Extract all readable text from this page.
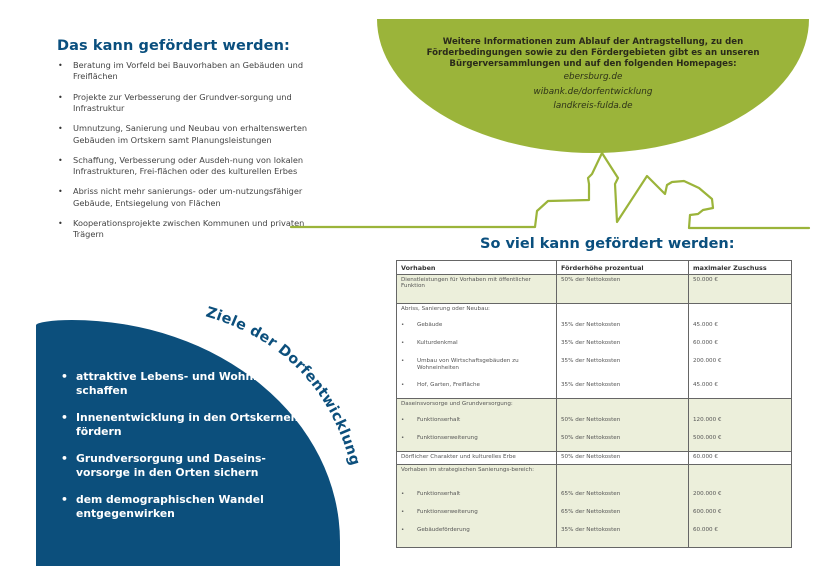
Das kann gefördert werden:
• Beratung im Vorfeld bei Bauvorhaben an Gebäuden und Freiflächen
• Projekte zur Verbesserung der Grundver-sorgung und Infrastruktur
• Umnutzung, Sanierung und Neubau von erhaltenswerten Gebäuden im Ortskern samt Planungsleistungen
• Schaffung, Verbesserung oder Ausdeh-nung von lokalen Infrastrukturen, Frei-flächen oder des kulturellen Erbes
• Abriss nicht mehr sanierungs- oder um-nutzungsfähiger Gebäude, Entsiegelung von Flächen
• Kooperationsprojekte zwischen Kommunen und privaten Trägern
Ziele der Dorfentwicklung
• attraktive Lebens- und Wohnräume schaffen
• Innenentwicklung in den Ortskernen fördern
• Grundversorgung und Daseins-vorsorge in den Orten sichern
• dem demographischen Wandel entgegenwirken
Weitere Informationen zum Ablauf der Antragstellung, zu den Förderbedingungen sowie zu den Fördergebieten gibt es an unseren Bürgerversammlungen und auf den folgenden Homepages:
ebersburg.de
wibank.de/dorfentwicklung
landkreis-fulda.de
So viel kann gefördert werden:
Vorhaben	Förderhöhe prozentual	maximaler Zuschuss
Dienstleistungen für Vorhaben mit öffentlicher Funktion	50% der Nettokosten	50.000 €
Abriss, Sanierung oder Neubau:		
• Gebäude	35% der Nettokosten	45.000 €
• Kulturdenkmal	35% der Nettokosten	60.000 €

• Umbau von Wirtschaftsgebäuden zu Wohneinheiten	35% der Nettokosten	200.000 €
• Hof, Garten, Freifläche	35% der Nettokosten	45.000 €
Daseinsvorsorge und Grundversorgung:		
• Funktionserhalt	50% der Nettokosten	120.000 €
• Funktionserweiterung	50% der Nettokosten	500.000 €
Dörflicher Charakter und kulturelles Erbe	50% der Nettokosten	60.000 €
Vorhaben im strategischen Sanierungs-bereich:		
• Funktionserhalt	65% der Nettokosten	200.000 €
• Funktionserweiterung	65% der Nettokosten	600.000 €
• Gebäudeförderung	35% der Nettokosten	60.000 €
